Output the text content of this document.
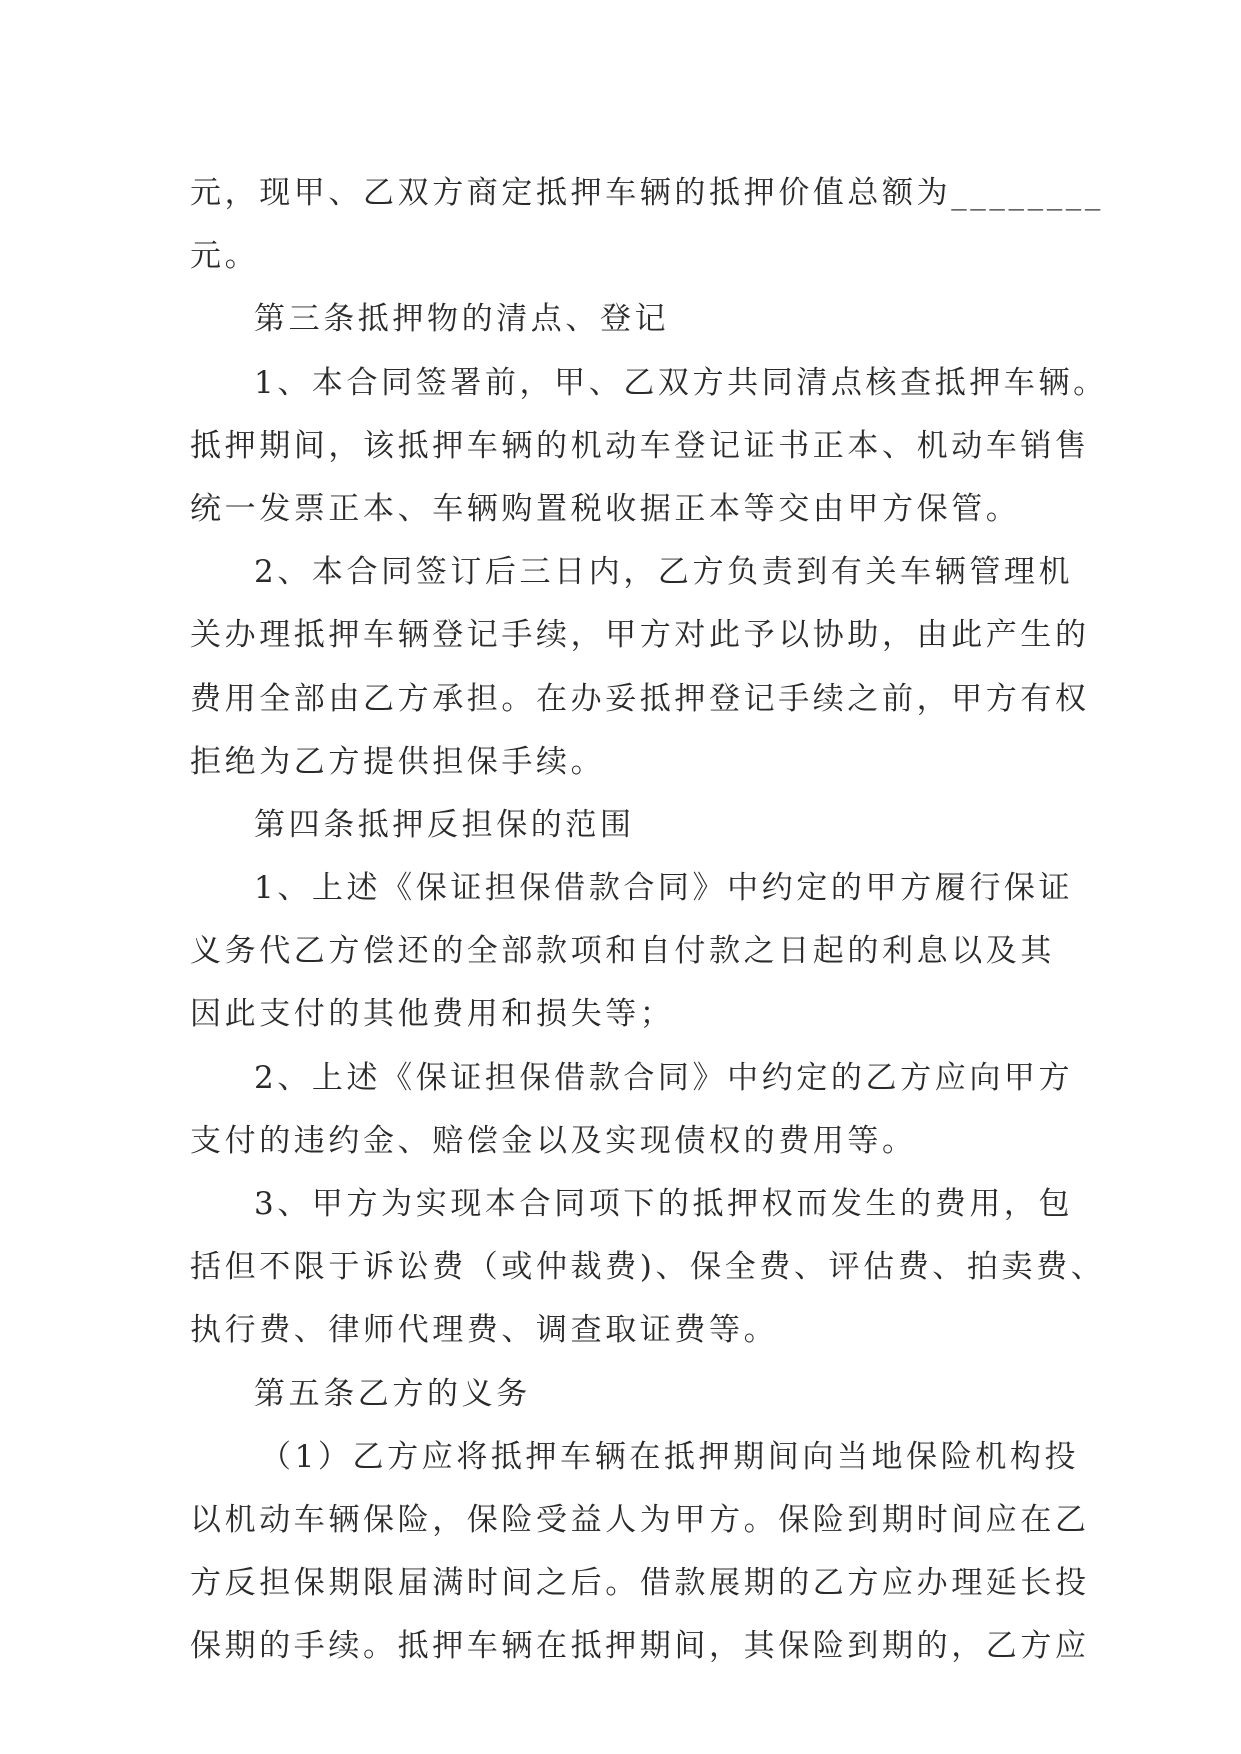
元，现甲、乙双方商定抵押车辆的抵押价值总额为________
元。
第三条抵押物的清点、登记
1、本合同签署前，甲、乙双方共同清点核查抵押车辆。
抵押期间，该抵押车辆的机动车登记证书正本、机动车销售
统一发票正本、车辆购置税收据正本等交由甲方保管。
2、本合同签订后三日内，乙方负责到有关车辆管理机
关办理抵押车辆登记手续，甲方对此予以协助，由此产生的
费用全部由乙方承担。在办妥抵押登记手续之前，甲方有权
拒绝为乙方提供担保手续。
第四条抵押反担保的范围
1、上述《保证担保借款合同》中约定的甲方履行保证
义务代乙方偿还的全部款项和自付款之日起的利息以及其
因此支付的其他费用和损失等；
2、上述《保证担保借款合同》中约定的乙方应向甲方
支付的违约金、赔偿金以及实现债权的费用等。
3、甲方为实现本合同项下的抵押权而发生的费用，包
括但不限于诉讼费（或仲裁费)、保全费、评估费、拍卖费、
执行费、律师代理费、调查取证费等。
第五条乙方的义务
（1）乙方应将抵押车辆在抵押期间向当地保险机构投
以机动车辆保险，保险受益人为甲方。保险到期时间应在乙
方反担保期限届满时间之后。借款展期的乙方应办理延长投
保期的手续。抵押车辆在抵押期间，其保险到期的，乙方应
